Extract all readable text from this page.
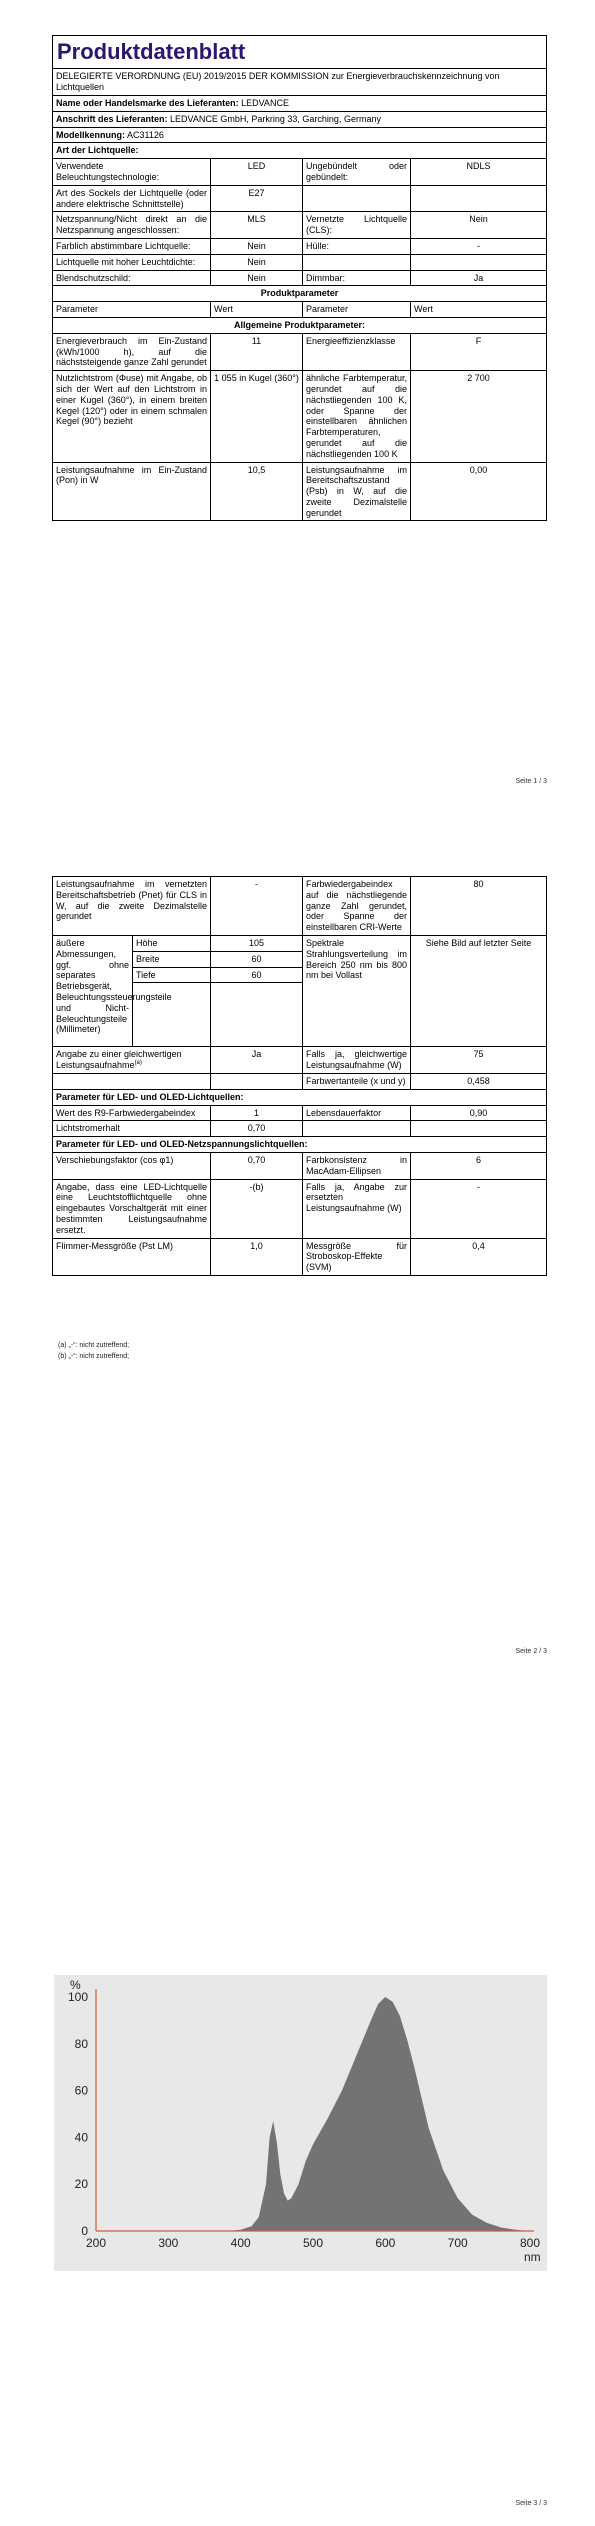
Produktdatenblatt			
DELEGIERTE VERORDNUNG (EU) 2019/2015 DER KOMMISSION zur Energieverbrauchskennzeichnung von Lichtquellen			
Name oder Handelsmarke des Lieferanten: LEDVANCE			
Anschrift des Lieferanten: LEDVANCE GmbH, Parkring 33, Garching, Germany			
Modellkennung: AC31126			
Art der Lichtquelle:			
Verwendete Beleuchtungstechnologie:	LED	Ungebündelt oder gebündelt:	NDLS
Art des Sockels der Lichtquelle (oder andere elektrische Schnittstelle)	E27		
Netzspannung/Nicht direkt an die Netzspannung angeschlossen:	MLS	Vernetzte Lichtquelle (CLS):	Nein
Farblich abstimmbare Lichtquelle:	Nein	Hülle:	-
Lichtquelle mit hoher Leuchtdichte:	Nein		
Blendschutzschild:	Nein	Dimmbar:	Ja
Produktparameter			
Parameter	Wert	Parameter	Wert
Allgemeine Produktparameter:			
Energieverbrauch im Ein-Zustand (kWh/1000 h), auf die nächststeigende ganze Zahl gerundet	11	Energieeffizienzklasse	F
Nutzlichtstrom (Φuse) mit Angabe, ob sich der Wert auf den Lichtstrom in einer Kugel (360°), in einem breiten Kegel (120°) oder in einem schmalen Kegel (90°) bezieht	1 055 in Kugel (360°)	ähnliche Farbtemperatur, gerundet auf die nächstliegenden 100 K, oder Spanne der einstellbaren ähnlichen Farbtemperaturen, gerundet auf die nächstliegenden 100 K	2 700
Leistungsaufnahme im Ein-Zustand (Pon) in W	10,5	Leistungsaufnahme im Bereitschaftszustand (Psb) in W, auf die zweite Dezimalstelle gerundet	0,00
Seite 1 / 3
Leistungsaufnahme im vernetzten Bereitschaftsbetrieb (Pnet) für CLS in W, auf die zweite Dezimalstelle gerundet		-	Farbwiedergabeindex auf die nächstliegende ganze Zahl gerundet, oder Spanne der einstellbaren CRI-Werte	80
äußere Abmessungen, ggf. ohne separates Betriebsgerät, Beleuchtungssteuerungsteile und Nicht-Beleuchtungsteile (Millimeter)	Höhe	105	Spektrale Strahlungsverteilung im Bereich 250 nm bis 800 nm bei Vollast	Siehe Bild auf letzter Seite
	Breite	60		
	Tiefe	60		

Angabe zu einer gleichwertigen Leistungsaufnahme$^{(a)}$		Ja	Falls ja, gleichwertige Leistungsaufnahme (W)	75
			Farbwertanteile (x und y)	0,458
Parameter für LED- und OLED-Lichtquellen:				
Wert des R9-Farbwiedergabeindex		1	Lebensdauerfaktor	0,90
Lichtstromerhalt		0,70		
Parameter für LED- und OLED-Netzspannungslichtquellen:				
Verschiebungsfaktor (cos φ1)		0,70	Farbkonsistenz in MacAdam-Ellipsen	6
Angabe, dass eine LED-Lichtquelle eine Leuchtstofflichtquelle ohne eingebautes Vorschaltgerät mit einer bestimmten Leistungsaufnahme ersetzt.		-(b)	Falls ja, Angabe zur ersetzten Leistungsaufnahme (W)	-
Flimmer-Messgröße (Pst LM)		1,0	Messgröße für Stroboskop-Effekte (SVM)	0,4
(a) „-“: nicht zutreffend;
(b) „-“: nicht zutreffend;
Seite 2 / 3
0
20
40
60
80
100
200	300	400	500	600	700	800
%
nm
Seite 3 / 3
